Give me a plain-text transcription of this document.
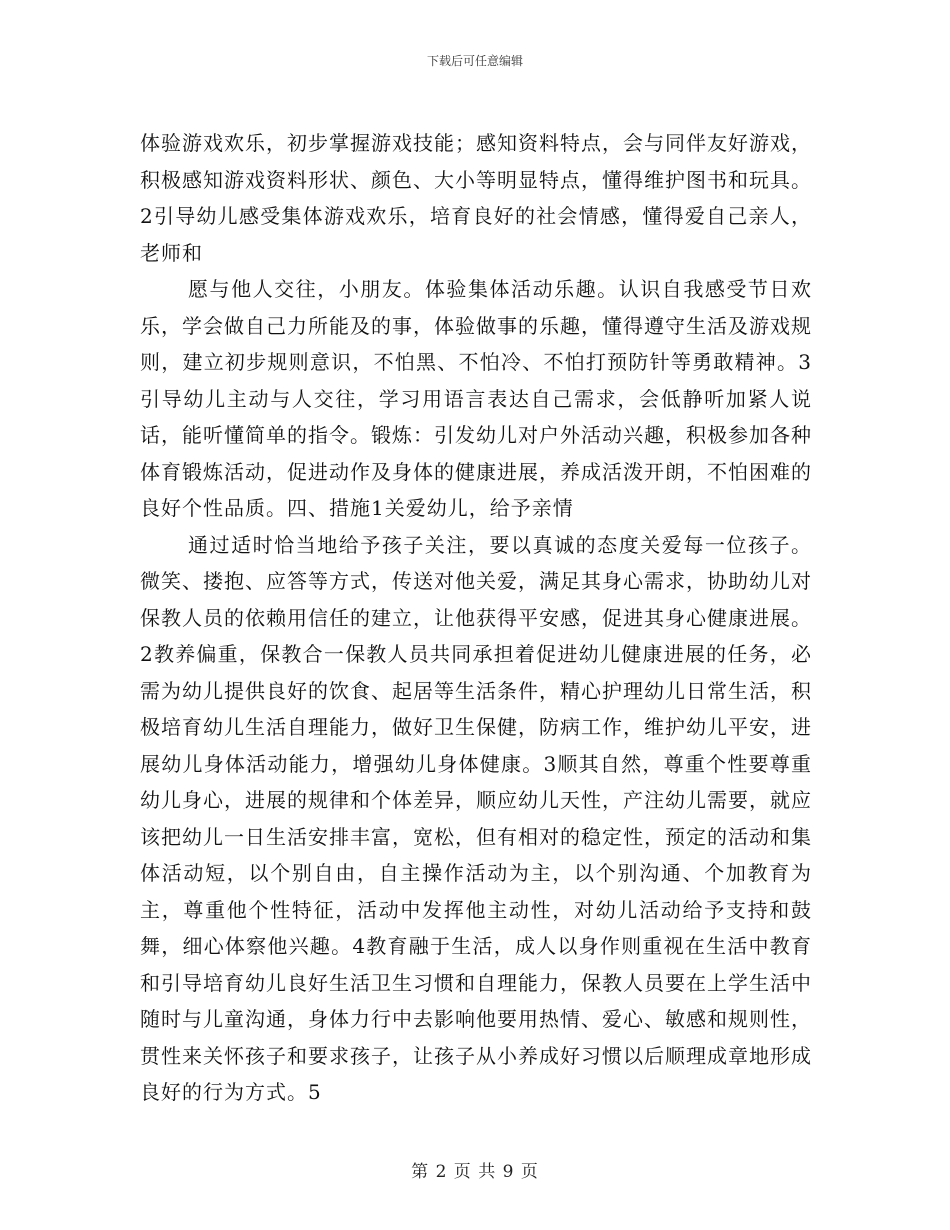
下载后可任意编辑

体验游戏欢乐，初步掌握游戏技能；感知资料特点，会与同伴友好游戏，积极感知游戏资料形状、颜色、大小等明显特点，懂得维护图书和玩具。2引导幼儿感受集体游戏欢乐，培育良好的社会情感，懂得爱自己亲人，老师和

愿与他人交往，小朋友。体验集体活动乐趣。认识自我感受节日欢乐，学会做自己力所能及的事，体验做事的乐趣，懂得遵守生活及游戏规则，建立初步规则意识，不怕黑、不怕冷、不怕打预防针等勇敢精神。3引导幼儿主动与人交往，学习用语言表达自己需求，会低静听加紧人说话，能听懂简单的指令。锻炼：引发幼儿对户外活动兴趣，积极参加各种体育锻炼活动，促进动作及身体的健康进展，养成活泼开朗，不怕困难的良好个性品质。四、措施1关爱幼儿，给予亲情

通过适时恰当地给予孩子关注，要以真诚的态度关爱每一位孩子。微笑、搂抱、应答等方式，传送对他关爱，满足其身心需求，协助幼儿对保教人员的依赖用信任的建立，让他获得平安感，促进其身心健康进展。2教养偏重，保教合一保教人员共同承担着促进幼儿健康进展的任务，必需为幼儿提供良好的饮食、起居等生活条件，精心护理幼儿日常生活，积极培育幼儿生活自理能力，做好卫生保健，防病工作，维护幼儿平安，进展幼儿身体活动能力，增强幼儿身体健康。3顺其自然，尊重个性要尊重幼儿身心，进展的规律和个体差异，顺应幼儿天性，产注幼儿需要，就应该把幼儿一日生活安排丰富，宽松，但有相对的稳定性，预定的活动和集体活动短，以个别自由，自主操作活动为主，以个别沟通、个加教育为主，尊重他个性特征，活动中发挥他主动性，对幼儿活动给予支持和鼓舞，细心体察他兴趣。4教育融于生活，成人以身作则重视在生活中教育和引导培育幼儿良好生活卫生习惯和自理能力，保教人员要在上学生活中随时与儿童沟通，身体力行中去影响他要用热情、爱心、敏感和规则性，贯性来关怀孩子和要求孩子，让孩子从小养成好习惯以后顺理成章地形成良好的行为方式。5

第 2 页 共 9 页
